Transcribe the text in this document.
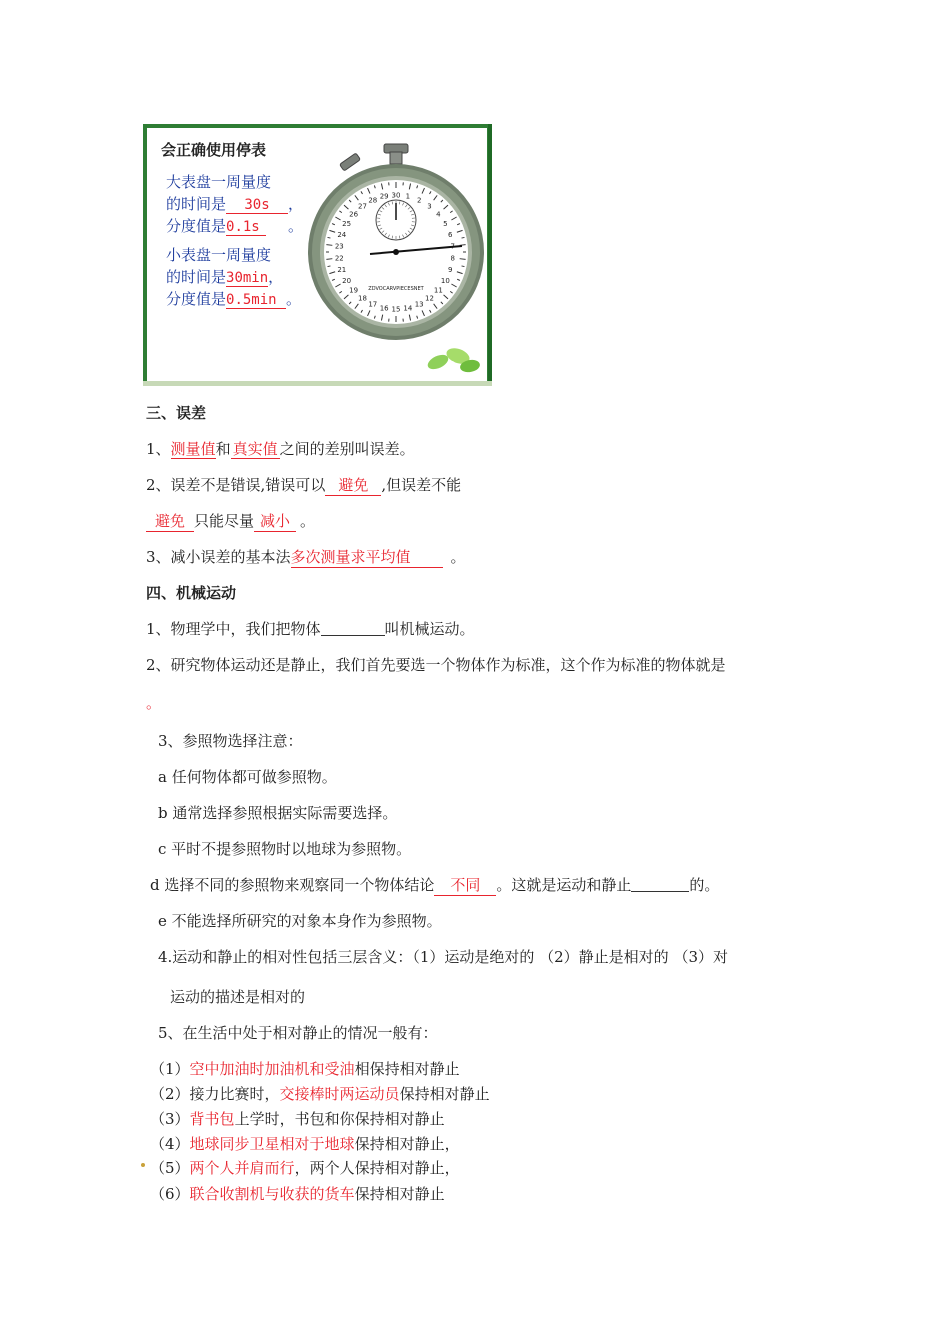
会正确使用停表
大表盘一周量度
的时间是 30s ，
分度值是0.1s 。
小表盘一周量度
的时间是30min，
分度值是0.5min 。
1 2
3
4
5
6
8
9
10
11
12
13
14
15
16
17
18
19
20
21
22
23
24
25
26
27
28 29 30
ZDVOCARVPIECESNET
三、误差
1、测量值和 真实值 之间的差别叫误差。
2、误差不是错误,错误可以 避免 ,但误差不能
避免 只能尽量 减小 。
3、减小误差的基本法多次测量求平均值	。
四、机械运动
1、物理学中，我们把物体	叫机械运动。
2、研究物体运动还是静止，我们首先要选一个物体作为标准，这个作为标准的物体就是
。
3、参照物选择注意：
a 任何物体都可做参照物。
b 通常选择参照根据实际需要选择。
c 平时不提参照物时以地球为参照物。
d 选择不同的参照物来观察同一个物体结论 不同 。这就是运动和静止	的。
e 不能选择所研究的对象本身作为参照物。
4.运动和静止的相对性包括三层含义：（1）运动是绝对的 （2）静止是相对的 （3）对
运动的描述是相对的
5、在生活中处于相对静止的情况一般有：
（1）空中加油时加油机和受油相保持相对静止
（2）接力比赛时，交接棒时两运动员保持相对静止
（3）背书包上学时，书包和你保持相对静止
（4）地球同步卫星相对于地球保持相对静止，
（5）两个人并肩而行，两个人保持相对静止，
（6）联合收割机与收获的货车保持相对静止
